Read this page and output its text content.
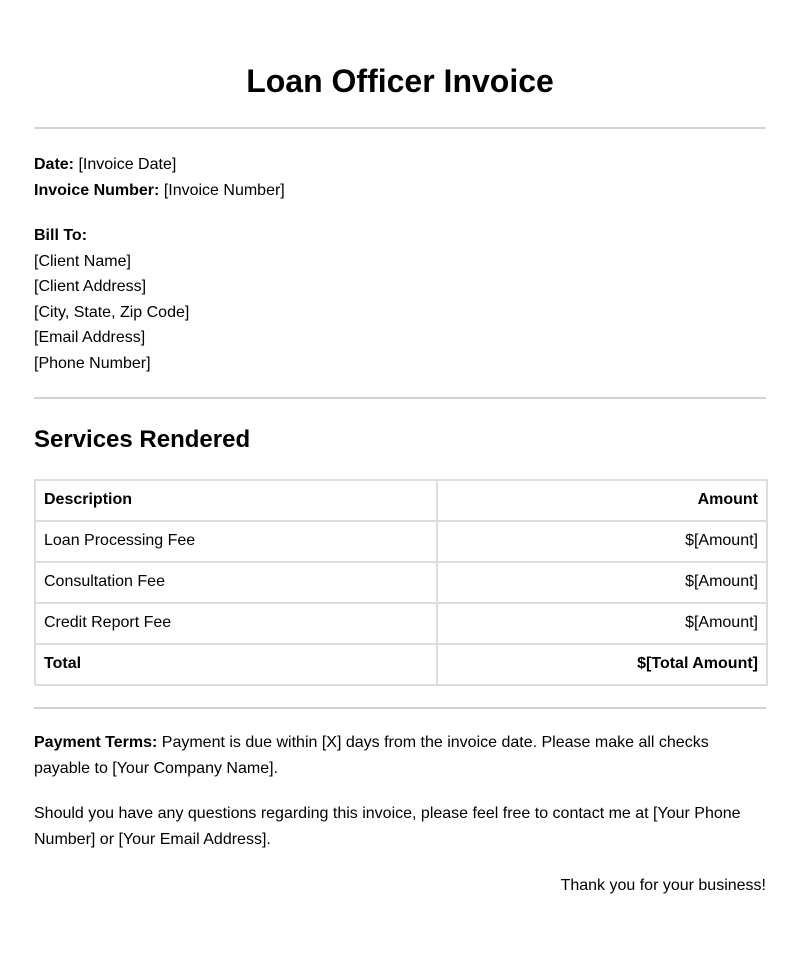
Loan Officer Invoice
Date: [Invoice Date]
Invoice Number: [Invoice Number]
Bill To:
[Client Name]
[Client Address]
[City, State, Zip Code]
[Email Address]
[Phone Number]
Services Rendered
Description	Amount
Loan Processing Fee	$[Amount]
Consultation Fee	$[Amount]
Credit Report Fee	$[Amount]
Total	$[Total Amount]

Payment Terms: Payment is due within [X] days from the invoice date. Please make all checks payable to [Your Company Name].

Should you have any questions regarding this invoice, please feel free to contact me at [Your Phone Number] or [Your Email Address].

Thank you for your business!
